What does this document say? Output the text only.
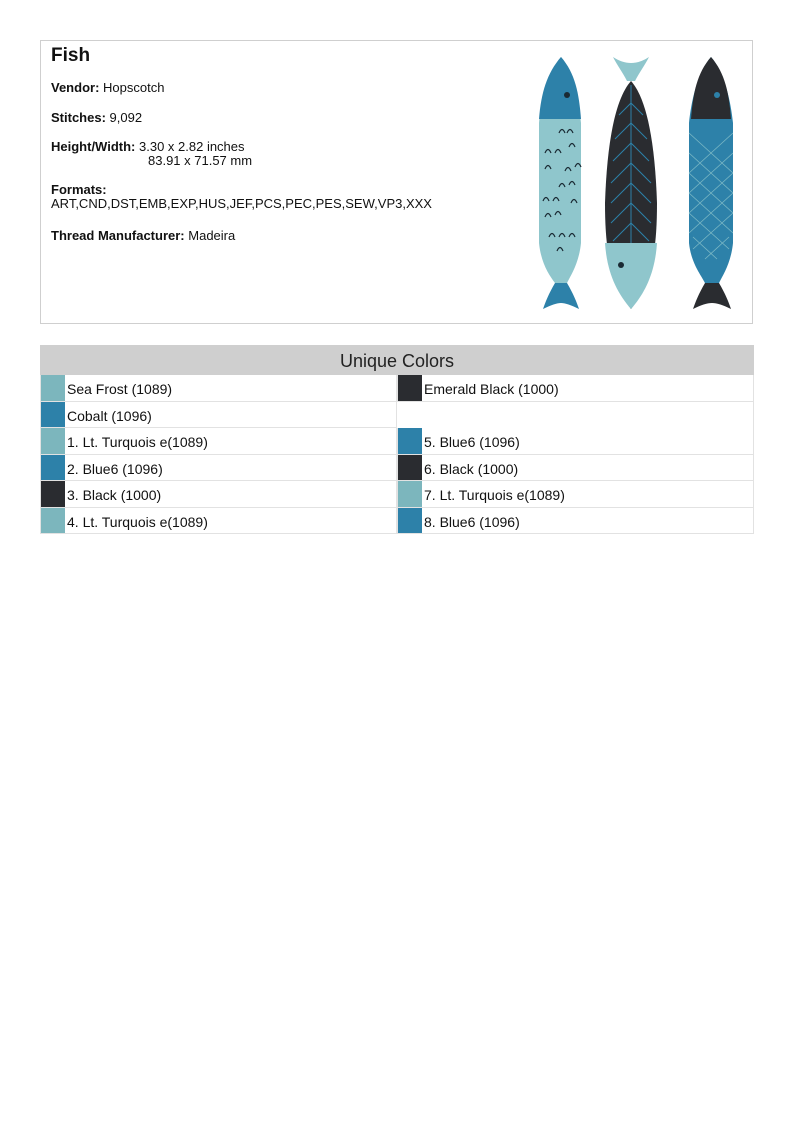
Fish
Vendor: Hopscotch
Stitches: 9,092
Height/Width: 3.30 x 2.82 inches
83.91 x 71.57 mm
Formats:
ART,CND,DST,EMB,EXP,HUS,JEF,PCS,PEC,PES,SEW,VP3,XXX
Thread Manufacturer: Madeira
Unique Colors
Sea Frost (1089)	Emerald Black (1000)
Cobalt (1096)
1. Lt. Turquois e(1089)	5. Blue6 (1096)
2. Blue6 (1096)	6. Black (1000)
3. Black (1000)	7. Lt. Turquois e(1089)
4. Lt. Turquois e(1089)	8. Blue6 (1096)
